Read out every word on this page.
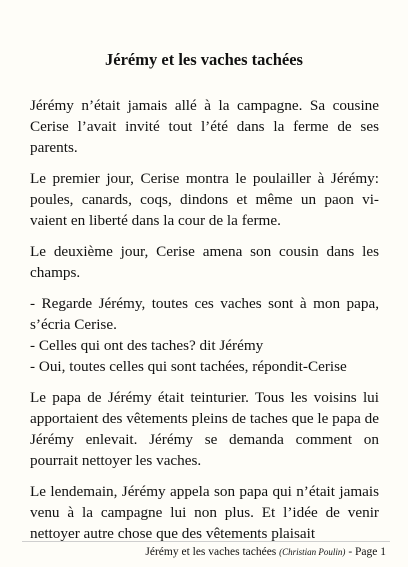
Jérémy et les vaches tachées

Jérémy n’était jamais allé à la campagne. Sa cousine Cerise l’avait invité tout l’été dans la ferme de ses parents.

Le premier jour, Cerise montra le poulailler à Jérémy: poules, canards, coqs, dindons et même un paon vi- vaient en liberté dans la cour de la ferme.

Le deuxième jour, Cerise amena son cousin dans les champs.

- Regarde Jérémy, toutes ces vaches sont à mon papa, s’écria Cerise.

- Celles qui ont des taches? dit Jérémy

- Oui, toutes celles qui sont tachées, répondit-Cerise

Le papa de Jérémy était teinturier. Tous les voisins lui apportaient des vêtements pleins de taches que le papa de Jérémy enlevait. Jérémy se demanda comment on pourrait nettoyer les vaches.

Le lendemain, Jérémy appela son papa qui n’était jamais venu à la campagne lui non plus. Et l’idée de venir nettoyer autre chose que des vêtements plaisait

Jérémy et les vaches tachées (Christian Poulin) - Page 1
